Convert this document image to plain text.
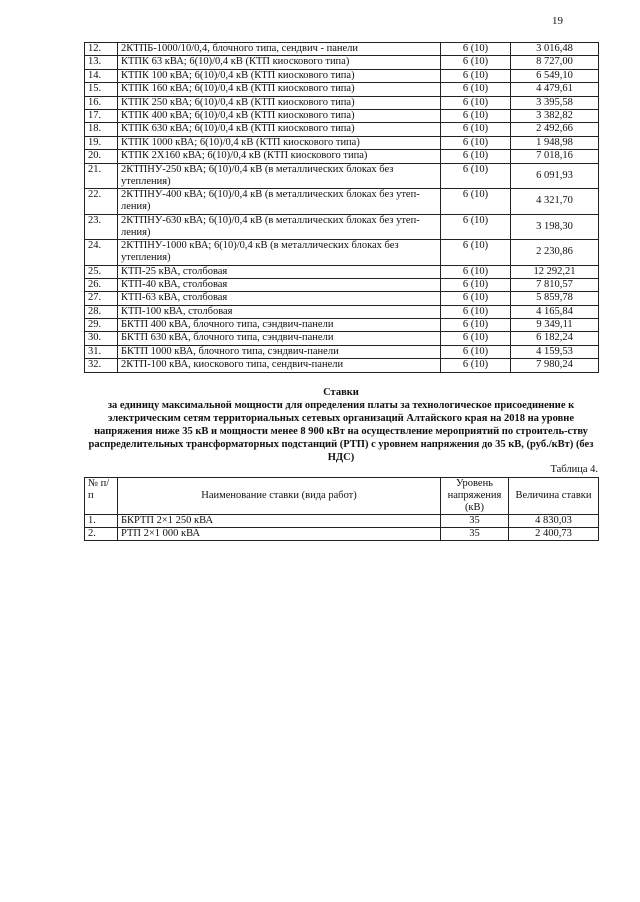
19
12.	2КТПБ-1000/10/0,4, блочного типа, сендвич - панели	6 (10)	3 016,48
13.	КТПК 63 кВА; 6(10)/0,4 кВ (КТП киоскового типа)	6 (10)	8 727,00
14.	КТПК 100 кВА; 6(10)/0,4 кВ (КТП киоскового типа)	6 (10)	6 549,10
15.	КТПК 160 кВА; 6(10)/0,4 кВ (КТП киоскового типа)	6 (10)	4 479,61
16.	КТПК 250 кВА; 6(10)/0,4 кВ (КТП киоскового типа)	6 (10)	3 395,58
17.	КТПК 400 кВА; 6(10)/0,4 кВ (КТП киоскового типа)	6 (10)	3 382,82
18.	КТПК 630 кВА; 6(10)/0,4 кВ (КТП киоскового типа)	6 (10)	2 492,66
19.	КТПК 1000 кВА; 6(10)/0,4 кВ (КТП киоскового типа)	6 (10)	1 948,98
20.	КТПК 2Х160 кВА; 6(10)/0,4 кВ (КТП киоскового типа)	6 (10)	7 018,16
21.	2КТПНУ-250 кВА; 6(10)/0,4 кВ (в металлических блоках без утепления)	6 (10)	6 091,93
22.	2КТПНУ-400 кВА; 6(10)/0,4 кВ (в металлических блоках без утеп-ления)	6 (10)	4 321,70
23.	2КТПНУ-630 кВА; 6(10)/0,4 кВ (в металлических блоках без утеп-ления)	6 (10)	3 198,30
24.	2КТПНУ-1000 кВА; 6(10)/0,4 кВ (в металлических блоках без утепления)	6 (10)	2 230,86
25.	КТП-25 кВА, столбовая	6 (10)	12 292,21
26.	КТП-40 кВА, столбовая	6 (10)	7 810,57
27.	КТП-63 кВА, столбовая	6 (10)	5 859,78
28.	КТП-100 кВА, столбовая	6 (10)	4 165,84
29.	БКТП 400 кВА, блочного типа, сэндвич-панели	6 (10)	9 349,11
30.	БКТП 630 кВА, блочного типа, сэндвич-панели	6 (10)	6 182,24
31.	БКТП 1000 кВА, блочного типа, сэндвич-панели	6 (10)	4 159,53
32.	2КТП-100 кВА, киоскового типа, сендвич-панели	6 (10)	7 980,24
Ставки
за единицу максимальной мощности для определения платы за технологическое присоединение к электрическим сетям территориальных сетевых организаций Алтайского края на 2018 на уровне напряжения ниже 35 кВ и мощности менее 8 900 кВт на осуществление мероприятий по строитель-ству распределительных трансформаторных подстанций (РТП) с уровнем напряжения до 35 кВ, (руб./кВт) (без НДС)
Таблица 4.
№ п/п	Наименование ставки (вида работ)	Уровень напряжения (кВ)	Величина ставки
1.	БКРТП 2×1 250 кВА	35	4 830,03
2.	РТП 2×1 000 кВА	35	2 400,73
